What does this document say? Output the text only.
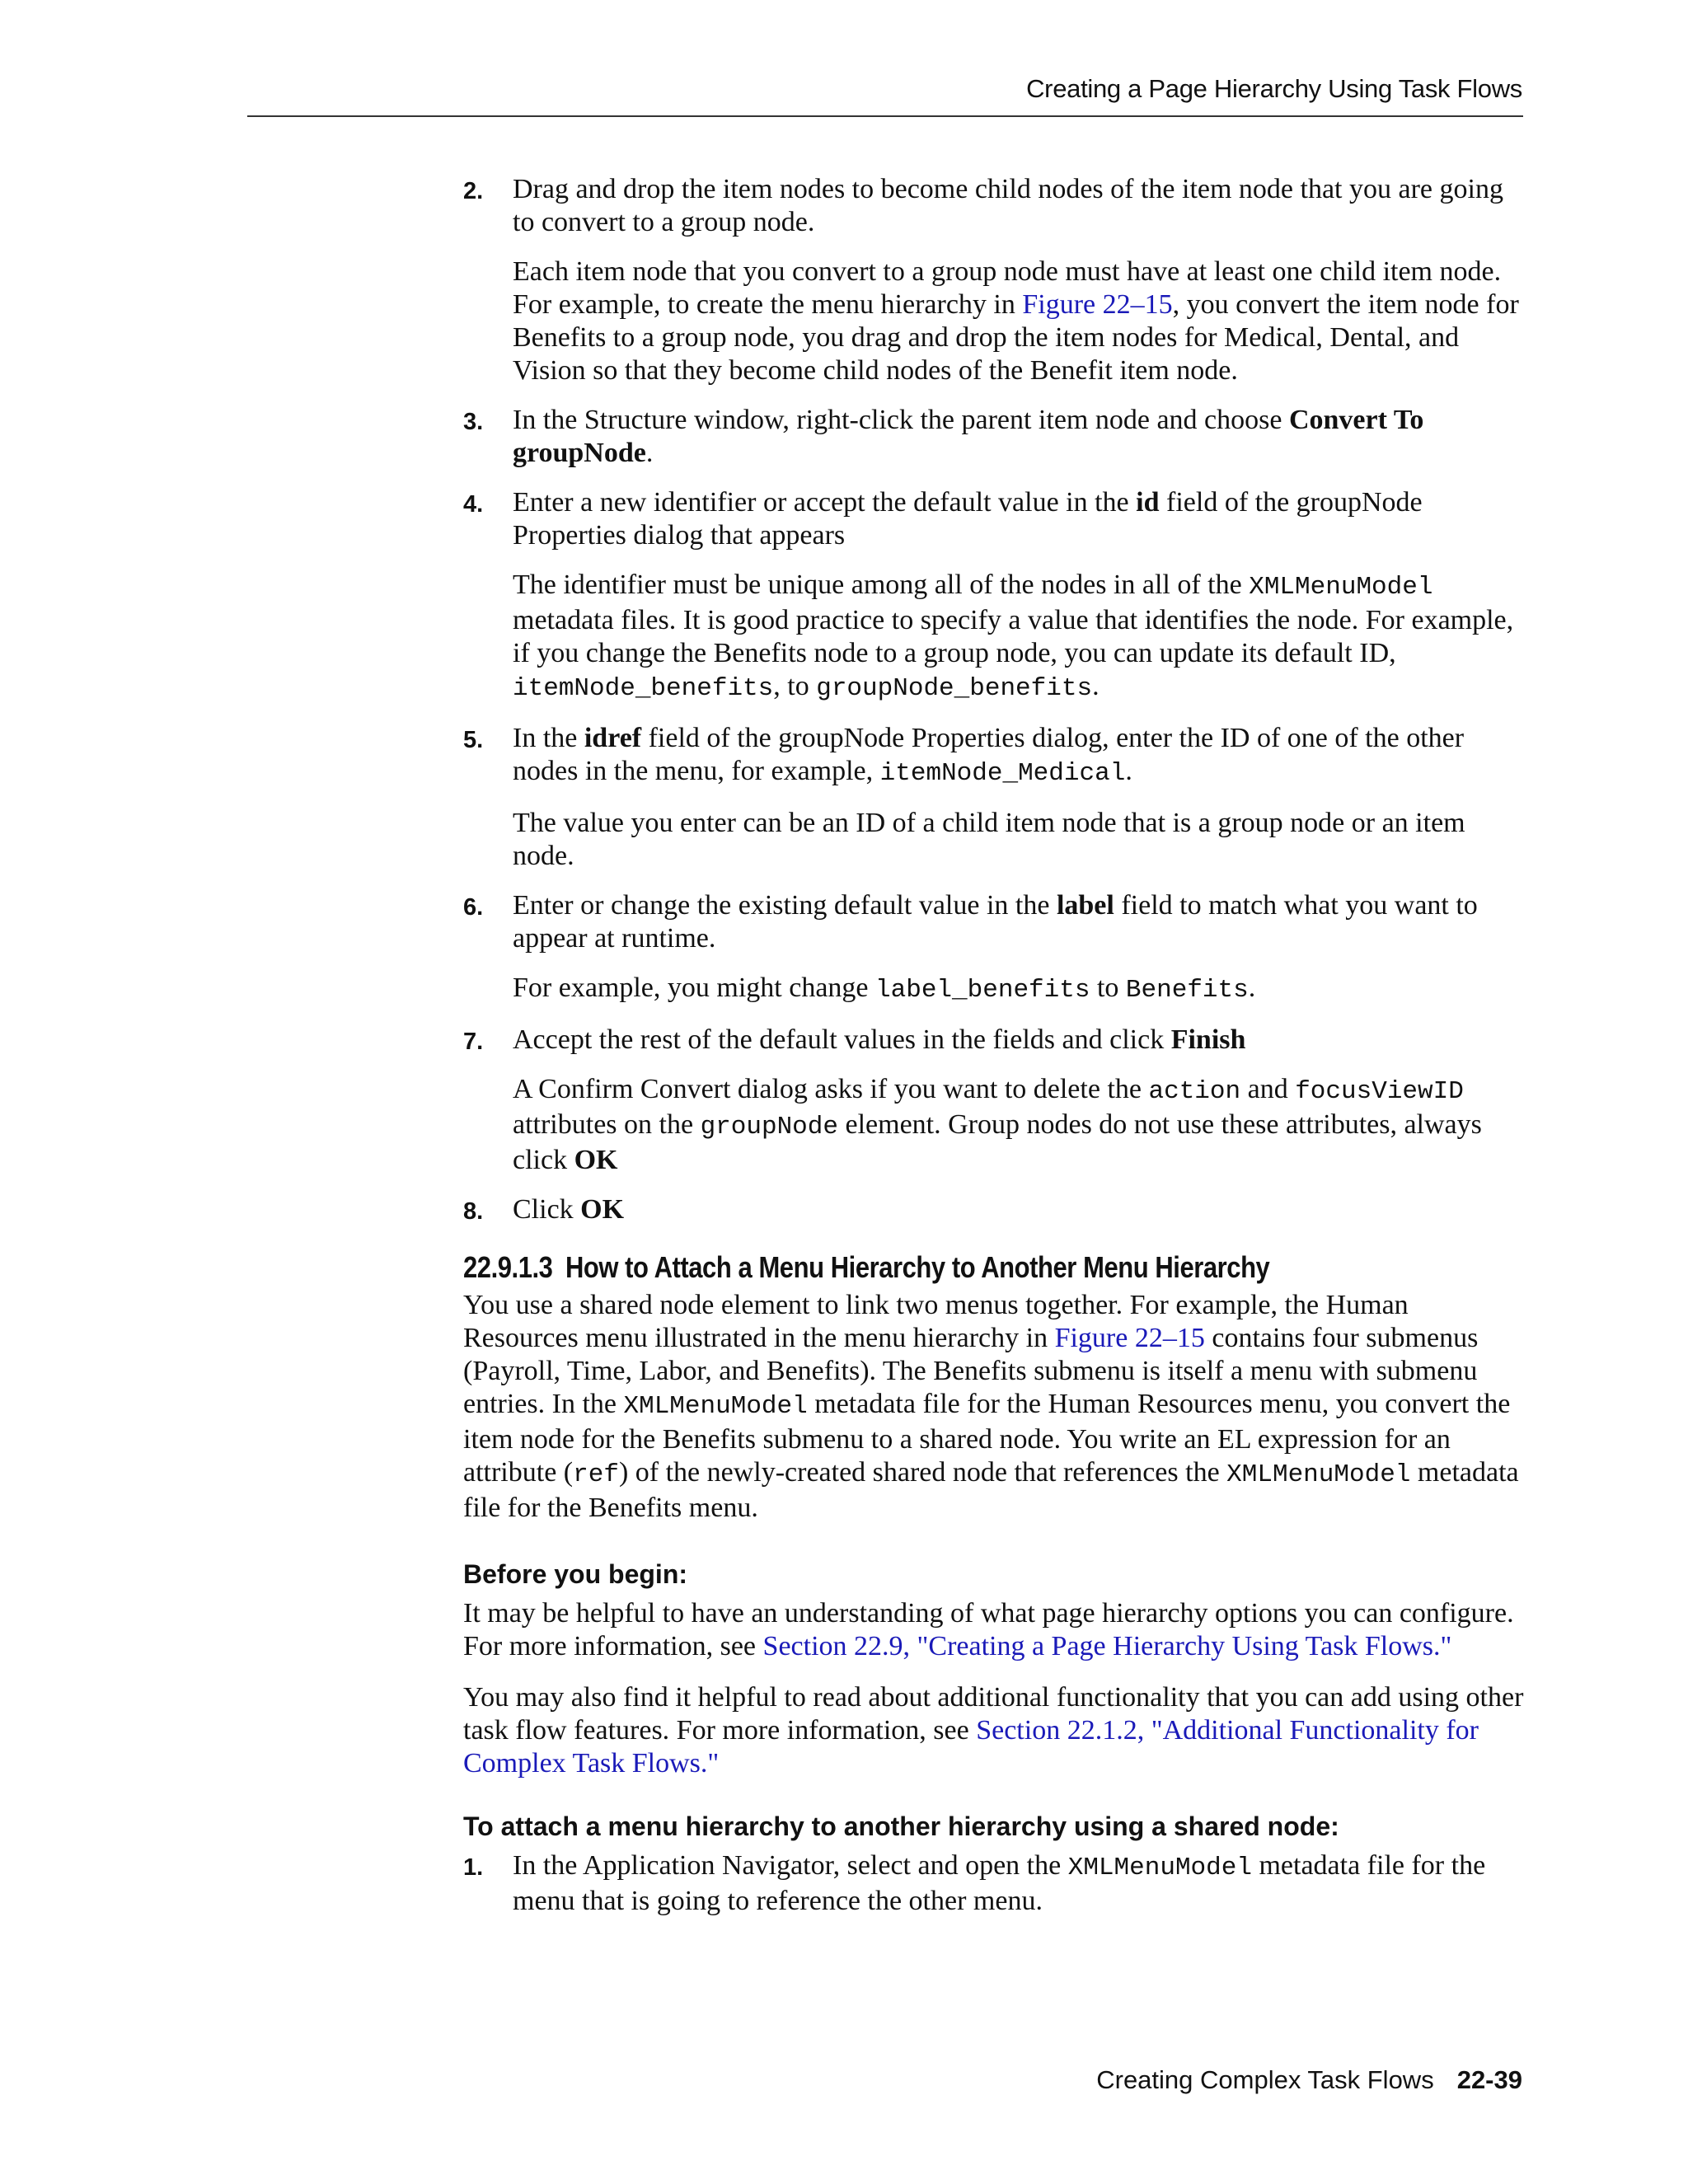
Creating a Page Hierarchy Using Task Flows
2.	Drag and drop the item nodes to become child nodes of the item node that you are going to convert to a group node.

Each item node that you convert to a group node must have at least one child item node. For example, to create the menu hierarchy in Figure 22–15, you convert the item node for Benefits to a group node, you drag and drop the item nodes for Medical, Dental, and Vision so that they become child nodes of the Benefit item node.

3.	In the Structure window, right-click the parent item node and choose Convert To groupNode.

4.	Enter a new identifier or accept the default value in the id field of the groupNode Properties dialog that appears

The identifier must be unique among all of the nodes in all of the XMLMenuModel metadata files. It is good practice to specify a value that identifies the node. For example, if you change the Benefits node to a group node, you can update its default ID, itemNode_benefits, to groupNode_benefits.

5.	In the idref field of the groupNode Properties dialog, enter the ID of one of the other nodes in the menu, for example, itemNode_Medical.

The value you enter can be an ID of a child item node that is a group node or an item node.

6.	Enter or change the existing default value in the label field to match what you want to appear at runtime.

For example, you might change label_benefits to Benefits.

7.	Accept the rest of the default values in the fields and click Finish

A Confirm Convert dialog asks if you want to delete the action and focusViewID attributes on the groupNode element. Group nodes do not use these attributes, always click OK

8.	Click OK

22.9.1.3 How to Attach a Menu Hierarchy to Another Menu Hierarchy

You use a shared node element to link two menus together. For example, the Human Resources menu illustrated in the menu hierarchy in Figure 22–15 contains four submenus (Payroll, Time, Labor, and Benefits). The Benefits submenu is itself a menu with submenu entries. In the XMLMenuModel metadata file for the Human Resources menu, you convert the item node for the Benefits submenu to a shared node. You write an EL expression for an attribute (ref) of the newly-created shared node that references the XMLMenuModel metadata file for the Benefits menu.

Before you begin:

It may be helpful to have an understanding of what page hierarchy options you can configure. For more information, see Section 22.9, "Creating a Page Hierarchy Using Task Flows."

You may also find it helpful to read about additional functionality that you can add using other task flow features. For more information, see Section 22.1.2, "Additional Functionality for Complex Task Flows."

To attach a menu hierarchy to another hierarchy using a shared node:
1.	In the Application Navigator, select and open the XMLMenuModel metadata file for the menu that is going to reference the other menu.

Creating Complex Task Flows 22-39
